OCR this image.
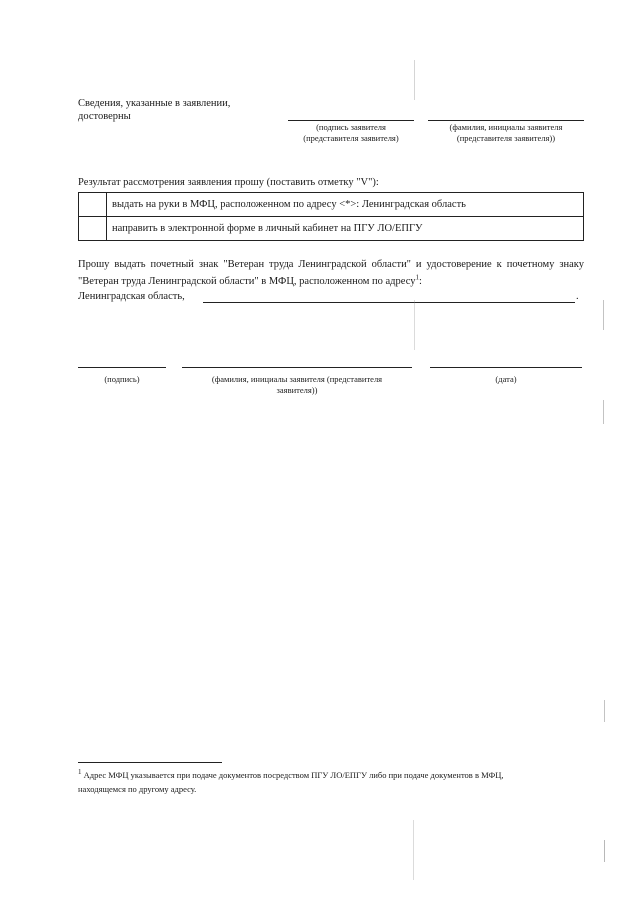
Сведения, указанные в заявлении,
достоверны
(подпись заявителя
(представителя заявителя)
(фамилия, инициалы заявителя
(представителя заявителя))
Результат рассмотрения заявления прошу (поставить отметку "V"):
	выдать на руки в МФЦ, расположенном по адресу <*>: Ленинградская область
	направить в электронной форме в личный кабинет на ПГУ ЛО/ЕПГУ
Прошу выдать почетный знак "Ветеран труда Ленинградской области" и удостоверение к почетному знаку "Ветеран труда Ленинградской области" в МФЦ, расположенном по адресу$^1$:
Ленинградская область,	.
(подпись)	(фамилия, инициалы заявителя (представителя
заявителя))
(дата)
$^1$ Адрес МФЦ указывается при подаче документов посредством ПГУ ЛО/ЕПГУ либо при подаче документов в МФЦ,
находящемся по другому адресу.
